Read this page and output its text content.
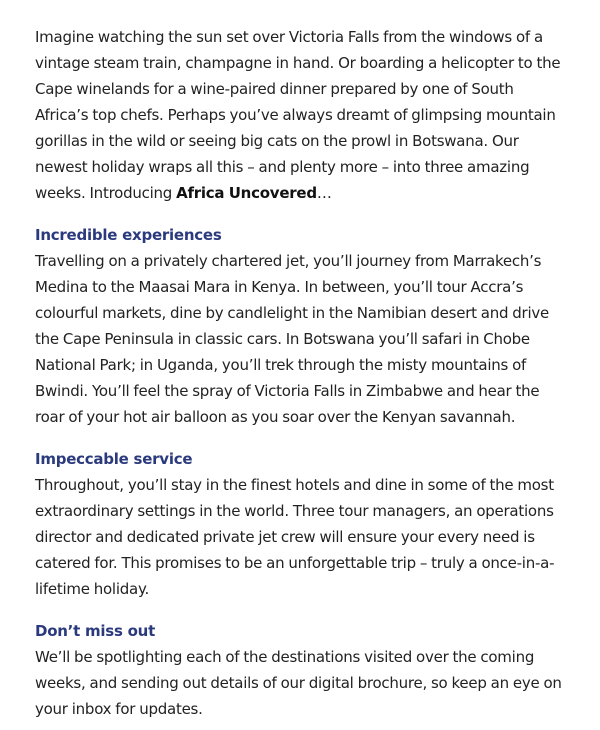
Imagine watching the sun set over Victoria Falls from the windows of a vintage steam train, champagne in hand. Or boarding a helicopter to the Cape winelands for a wine-paired dinner prepared by one of South Africa’s top chefs. Perhaps you’ve always dreamt of glimpsing mountain gorillas in the wild or seeing big cats on the prowl in Botswana. Our newest holiday wraps all this – and plenty more – into three amazing weeks. Introducing Africa Uncovered…

Incredible experiences

Travelling on a privately chartered jet, you’ll journey from Marrakech’s Medina to the Maasai Mara in Kenya. In between, you’ll tour Accra’s colourful markets, dine by candlelight in the Namibian desert and drive the Cape Peninsula in classic cars. In Botswana you’ll safari in Chobe National Park; in Uganda, you’ll trek through the misty mountains of Bwindi. You’ll feel the spray of Victoria Falls in Zimbabwe and hear the roar of your hot air balloon as you soar over the Kenyan savannah.

Impeccable service

Throughout, you’ll stay in the finest hotels and dine in some of the most extraordinary settings in the world. Three tour managers, an operations director and dedicated private jet crew will ensure your every need is catered for. This promises to be an unforgettable trip – truly a once-in-a-lifetime holiday.

Don’t miss out

We’ll be spotlighting each of the destinations visited over the coming weeks, and sending out details of our digital brochure, so keep an eye on your inbox for updates.
